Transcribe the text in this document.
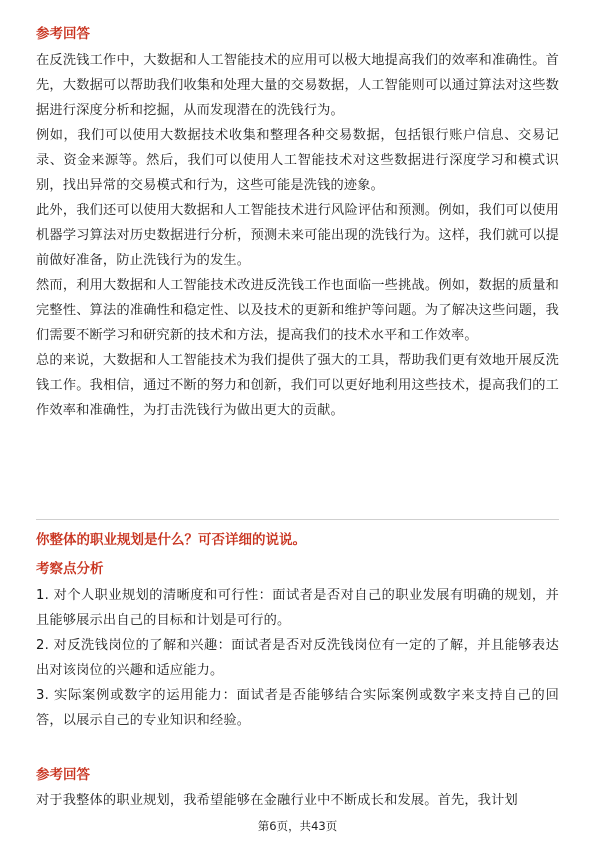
参考回答

在反洗钱工作中，大数据和人工智能技术的应用可以极大地提高我们的效率和准确性。首先，大数据可以帮助我们收集和处理大量的交易数据，人工智能则可以通过算法对这些数据进行深度分析和挖掘，从而发现潜在的洗钱行为。

例如，我们可以使用大数据技术收集和整理各种交易数据，包括银行账户信息、交易记录、资金来源等。然后，我们可以使用人工智能技术对这些数据进行深度学习和模式识别，找出异常的交易模式和行为，这些可能是洗钱的迹象。

此外，我们还可以使用大数据和人工智能技术进行风险评估和预测。例如，我们可以使用机器学习算法对历史数据进行分析，预测未来可能出现的洗钱行为。这样，我们就可以提前做好准备，防止洗钱行为的发生。

然而，利用大数据和人工智能技术改进反洗钱工作也面临一些挑战。例如，数据的质量和完整性、算法的准确性和稳定性、以及技术的更新和维护等问题。为了解决这些问题，我们需要不断学习和研究新的技术和方法，提高我们的技术水平和工作效率。

总的来说，大数据和人工智能技术为我们提供了强大的工具，帮助我们更有效地开展反洗钱工作。我相信，通过不断的努力和创新，我们可以更好地利用这些技术，提高我们的工作效率和准确性，为打击洗钱行为做出更大的贡献。

你整体的职业规划是什么？可否详细的说说。
考察点分析

1. 对个人职业规划的清晰度和可行性：面试者是否对自己的职业发展有明确的规划，并且能够展示出自己的目标和计划是可行的。

2. 对反洗钱岗位的了解和兴趣：面试者是否对反洗钱岗位有一定的了解，并且能够表达出对该岗位的兴趣和适应能力。

3. 实际案例或数字的运用能力：面试者是否能够结合实际案例或数字来支持自己的回答，以展示自己的专业知识和经验。

参考回答

对于我整体的职业规划，我希望能够在金融行业中不断成长和发展。首先，我计划

第6页，共43页
